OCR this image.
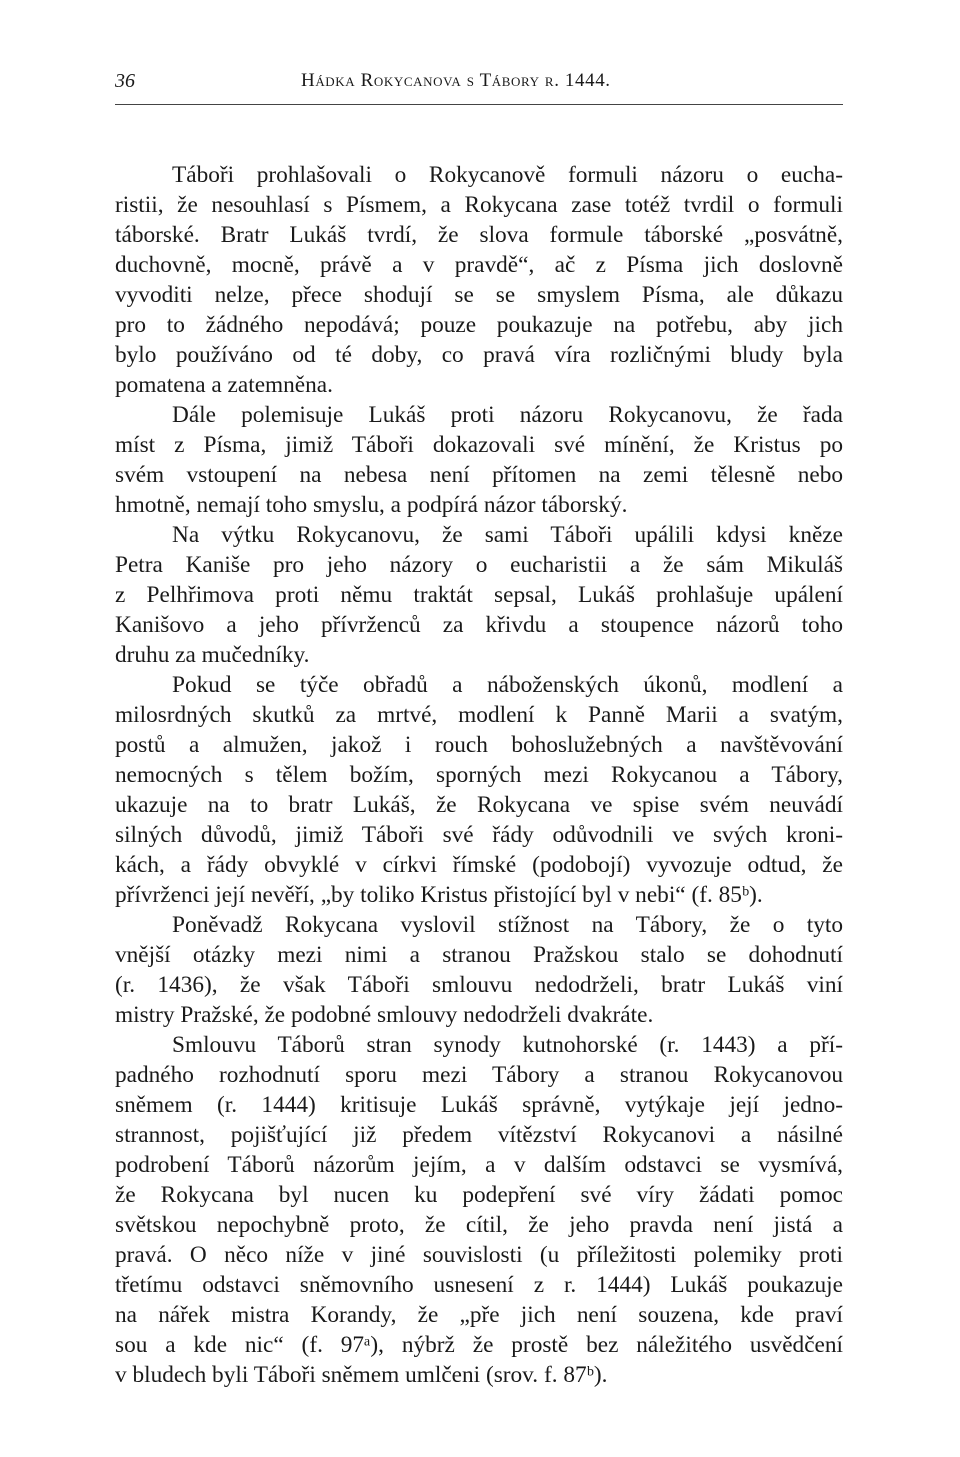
36	Hádka Rokycanova s Tábory r. 1444.
Táboři prohlašovali o Rokycanově formuli názoru o eucha-
ristii, že nesouhlasí s Písmem, a Rokycana zase totéž tvrdil o formuli
táborské. Bratr Lukáš tvrdí, že slova formule táborské „posvátně,
duchovně, mocně, právě a v pravdě“, ač z Písma jich doslovně
vyvoditi nelze, přece shodují se se smyslem Písma, ale důkazu
pro to žádného nepodává; pouze poukazuje na potřebu, aby jich
bylo používáno od té doby, co pravá víra rozličnými bludy byla
pomatena a zatemněna.
Dále polemisuje Lukáš proti názoru Rokycanovu, že řada
míst z Písma, jimiž Táboři dokazovali své mínění, že Kristus po
svém vstoupení na nebesa není přítomen na zemi tělesně nebo
hmotně, nemají toho smyslu, a podpírá názor táborský.
Na výtku Rokycanovu, že sami Táboři upálili kdysi kněze
Petra Kaniše pro jeho názory o eucharistii a že sám Mikuláš
z Pelhřimova proti němu traktát sepsal, Lukáš prohlašuje upálení
Kanišovo a jeho přívrženců za křivdu a stoupence názorů toho
druhu za mučedníky.
Pokud se týče obřadů a náboženských úkonů, modlení a
milosrdných skutků za mrtvé, modlení k Panně Marii a svatým,
postů a almužen, jakož i rouch bohoslužebných a navštěvování
nemocných s tělem božím, sporných mezi Rokycanou a Tábory,
ukazuje na to bratr Lukáš, že Rokycana ve spise svém neuvádí
silných důvodů, jimiž Táboři své řády odůvodnili ve svých kroni-
kách, a řády obvyklé v církvi římské (podobojí) vyvozuje odtud, že
přívrženci její nevěří, „by toliko Kristus přistojící byl v nebi“ (f. 85ᵇ).
Poněvadž Rokycana vyslovil stížnost na Tábory, že o tyto
vnější otázky mezi nimi a stranou Pražskou stalo se dohodnutí
(r. 1436), že však Táboři smlouvu nedodrželi, bratr Lukáš viní
mistry Pražské, že podobné smlouvy nedodrželi dvakráte.
Smlouvu Táborů stran synody kutnohorské (r. 1443) a pří-
padného rozhodnutí sporu mezi Tábory a stranou Rokycanovou
sněmem (r. 1444) kritisuje Lukáš správně, vytýkaje její jedno-
strannost, pojišťující již předem vítězství Rokycanovi a násilné
podrobení Táborů názorům jejím, a v dalším odstavci se vysmívá,
že Rokycana byl nucen ku podepření své víry žádati pomoc
světskou nepochybně proto, že cítil, že jeho pravda není jistá a
pravá. O něco níže v jiné souvislosti (u příležitosti polemiky proti
třetímu odstavci sněmovního usnesení z r. 1444) Lukáš poukazuje
na nářek mistra Korandy, že „pře jich není souzena, kde praví
sou a kde nic“ (f. 97ᵃ), nýbrž že prostě bez náležitého usvědčení
v bludech byli Táboři sněmem umlčeni (srov. f. 87ᵇ).
